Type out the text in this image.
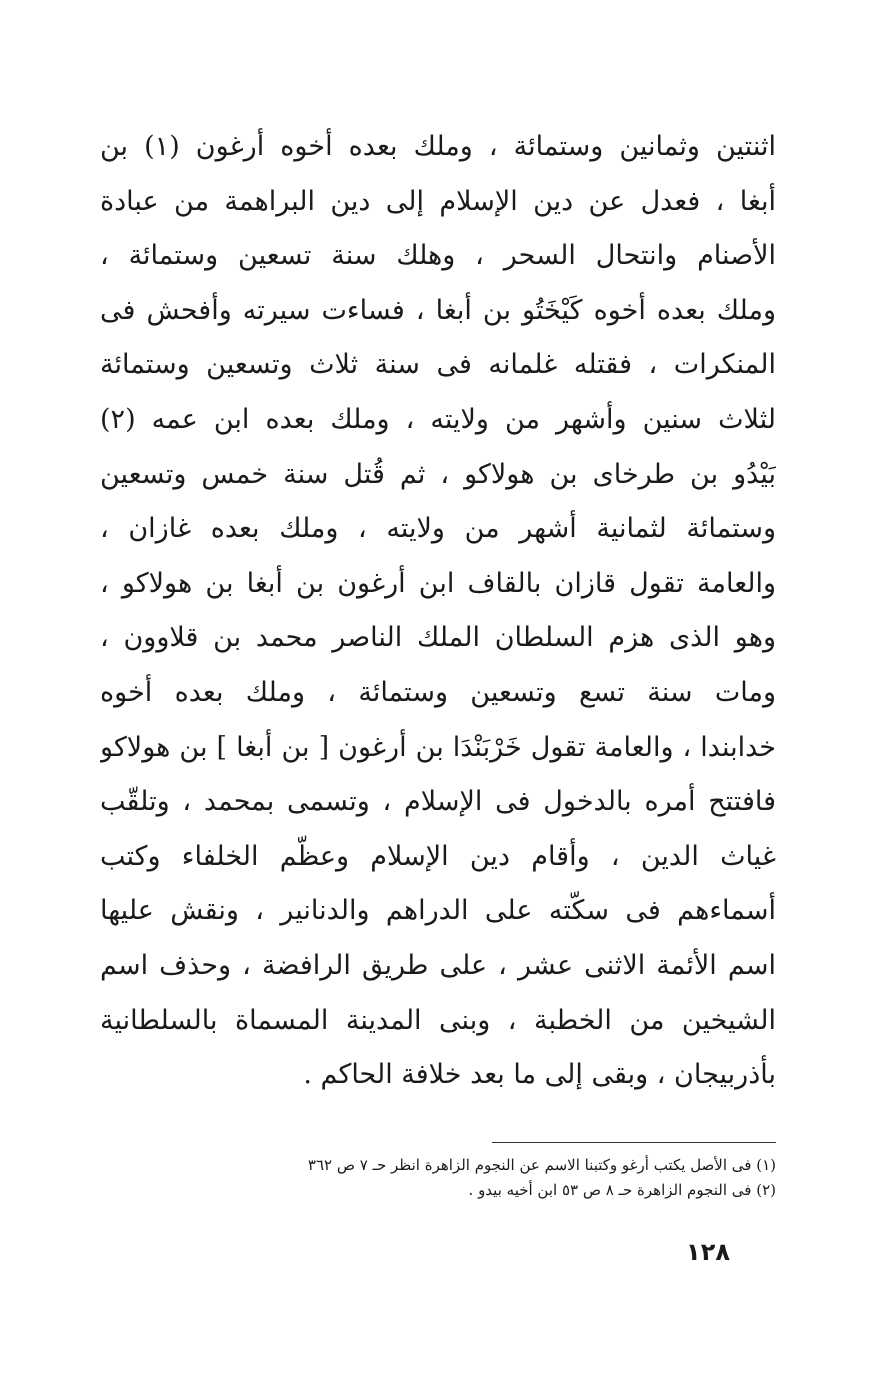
اثنتين وثمانين وستمائة ، وملك بعده أخوه أرغون (١) بن
أبغا ، فعدل عن دين الإسلام إلى دين البراهمة من عبادة
الأصنام وانتحال السحر ، وهلك سنة تسعين وستمائة ،
وملك بعده أخوه كَيْخَتُو بن أبغا ، فساءت سيرته وأفحش فى
المنكرات ، فقتله غلمانه فى سنة ثلاث وتسعين وستمائة
لثلاث سنين وأشهر من ولايته ، وملك بعده ابن عمه (٢)
بَيْدُو بن طرخاى بن هولاكو ، ثم قُتل سنة خمس وتسعين
وستمائة لثمانية أشهر من ولايته ، وملك بعده غازان ،
والعامة تقول قازان بالقاف ابن أرغون بن أبغا بن هولاكو ،
وهو الذى هزم السلطان الملك الناصر محمد بن قلاوون ،
ومات سنة تسع وتسعين وستمائة ، وملك بعده أخوه
خدابندا ، والعامة تقول خَرْبَنْدَا بن أرغون [ بن أبغا ] بن هولاكو
فافتتح أمره بالدخول فى الإسلام ، وتسمى بمحمد ، وتلقّب
غياث الدين ، وأقام دين الإسلام وعظّم الخلفاء وكتب
أسماءهم فى سكّته على الدراهم والدنانير ، ونقش عليها
اسم الأئمة الاثنى عشر ، على طريق الرافضة ، وحذف اسم
الشيخين من الخطبة ، وبنى المدينة المسماة بالسلطانية
بأذربيجان ، وبقى إلى ما بعد خلافة الحاكم .
(١) فى الأصل يكتب أرغو وكتبنا الاسم عن النجوم الزاهرة انظر حـ ٧ ص ٣٦٢
(٢) فى النجوم الزاهرة حـ ٨ ص ٥٣ ابن أخيه بيدو .
١٢٨
